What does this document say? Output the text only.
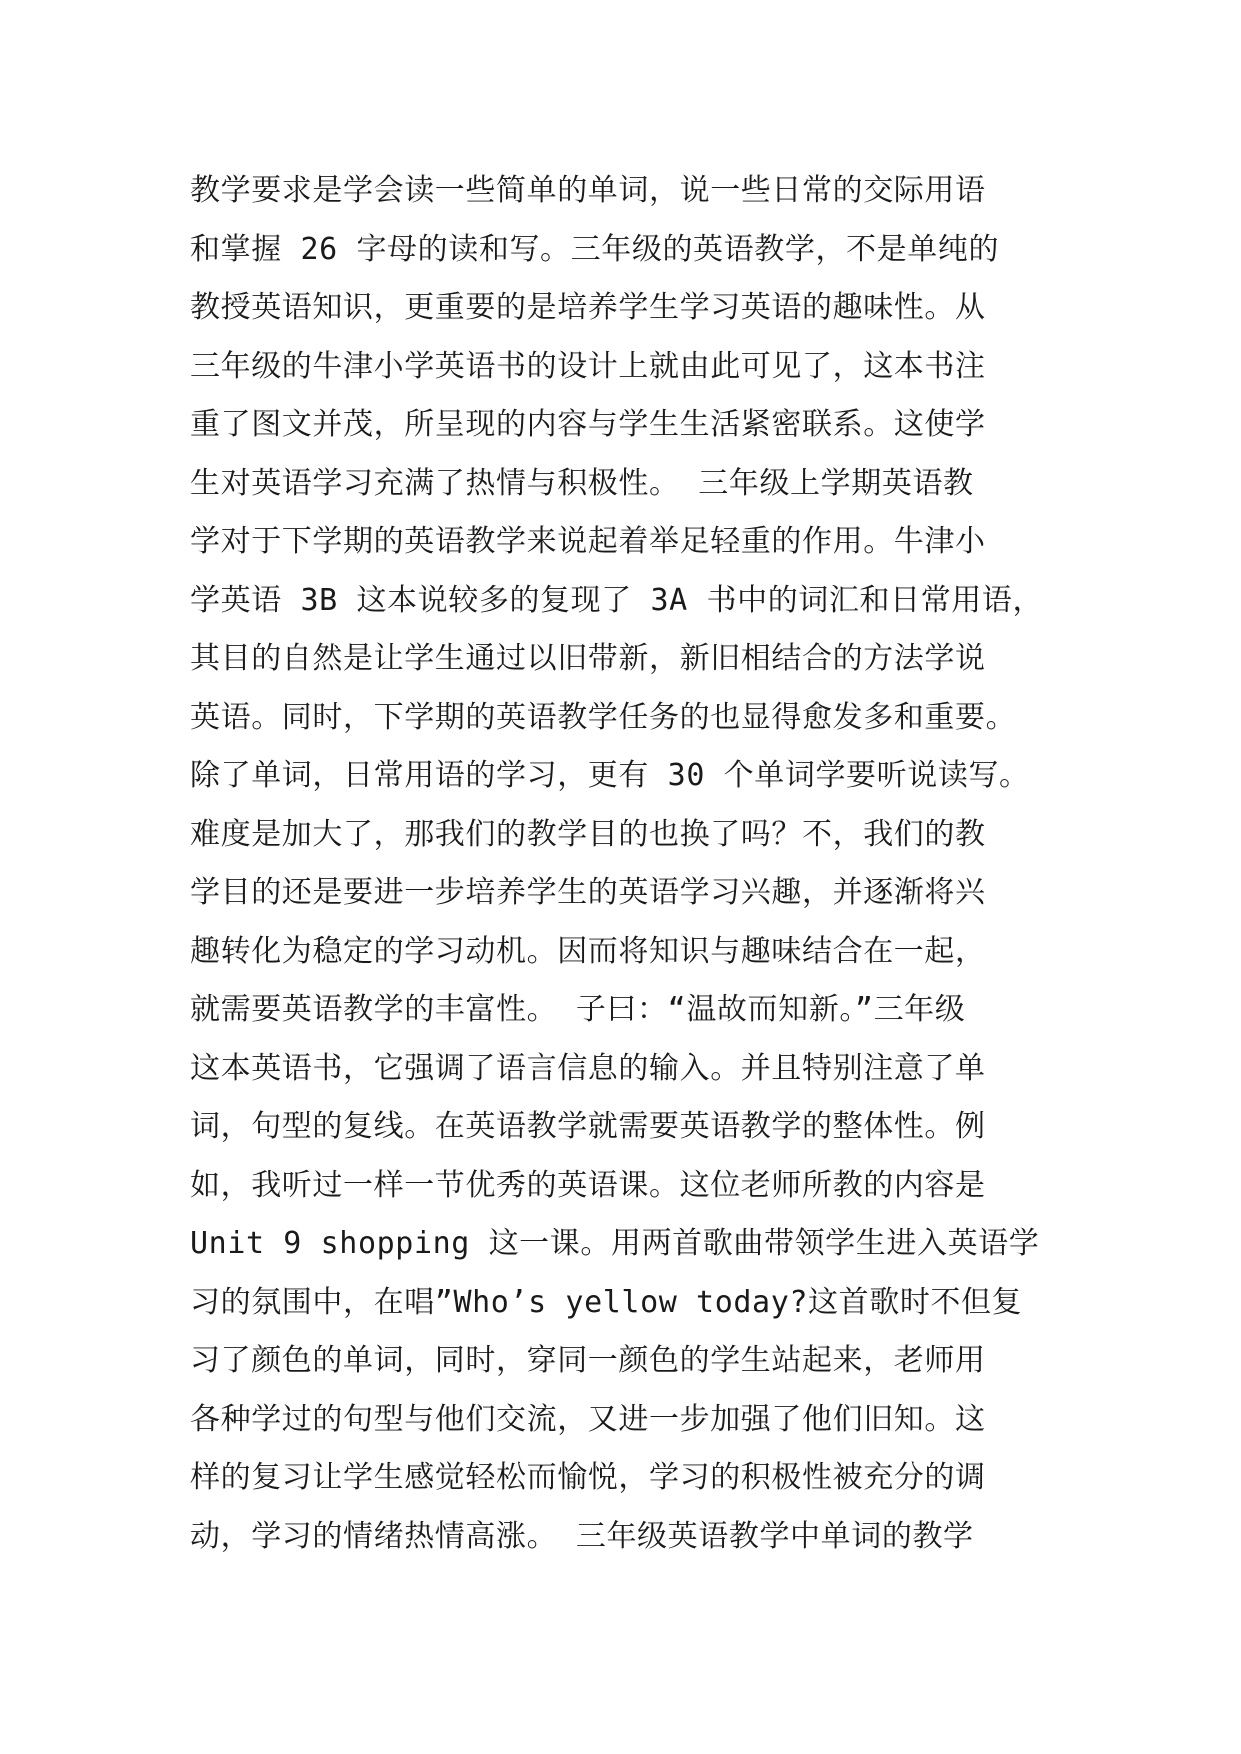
教学要求是学会读一些简单的单词，说一些日常的交际用语
和掌握 26 字母的读和写。三年级的英语教学，不是单纯的
教授英语知识，更重要的是培养学生学习英语的趣味性。从
三年级的牛津小学英语书的设计上就由此可见了，这本书注
重了图文并茂，所呈现的内容与学生生活紧密联系。这使学
生对英语学习充满了热情与积极性。 三年级上学期英语教
学对于下学期的英语教学来说起着举足轻重的作用。牛津小
学英语 3B 这本说较多的复现了 3A 书中的词汇和日常用语，
其目的自然是让学生通过以旧带新，新旧相结合的方法学说
英语。同时，下学期的英语教学任务的也显得愈发多和重要。
除了单词，日常用语的学习，更有 30 个单词学要听说读写。
难度是加大了，那我们的教学目的也换了吗？不，我们的教
学目的还是要进一步培养学生的英语学习兴趣，并逐渐将兴
趣转化为稳定的学习动机。因而将知识与趣味结合在一起，
就需要英语教学的丰富性。 子曰：“温故而知新。”三年级
这本英语书，它强调了语言信息的输入。并且特别注意了单
词，句型的复线。在英语教学就需要英语教学的整体性。例
如，我听过一样一节优秀的英语课。这位老师所教的内容是
Unit 9 shopping 这一课。用两首歌曲带领学生进入英语学
习的氛围中，在唱”Who’s yellow today?这首歌时不但复
习了颜色的单词，同时，穿同一颜色的学生站起来，老师用
各种学过的句型与他们交流，又进一步加强了他们旧知。这
样的复习让学生感觉轻松而愉悦，学习的积极性被充分的调
动，学习的情绪热情高涨。 三年级英语教学中单词的教学
